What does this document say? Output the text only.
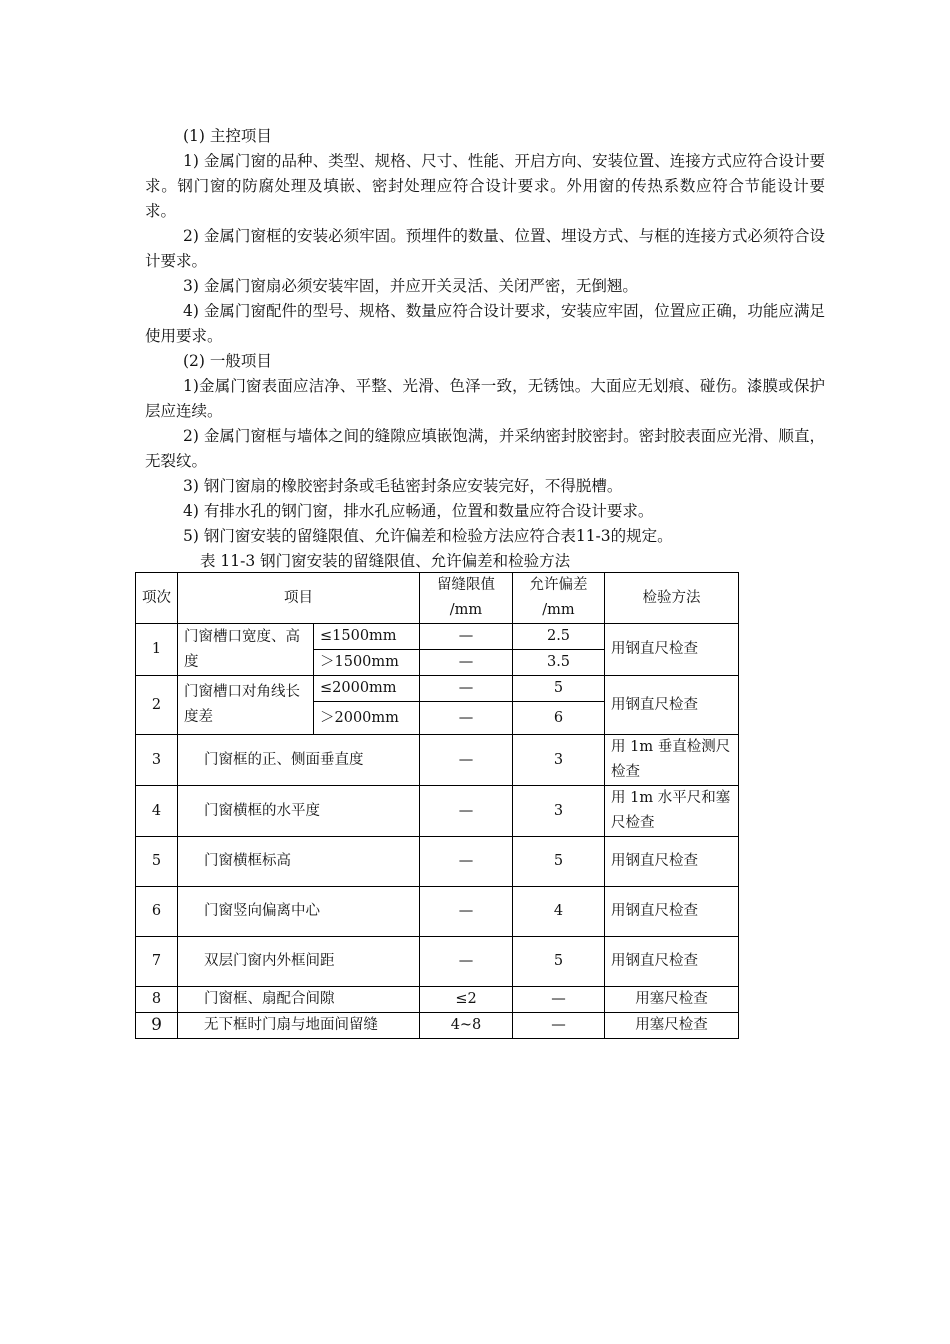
(1) 主控项目

1) 金属门窗的品种、类型、规格、尺寸、性能、开启方向、安装位置、连接方式应符合设计要求。钢门窗的防腐处理及填嵌、密封处理应符合设计要求。外用窗的传热系数应符合节能设计要求。

2) 金属门窗框的安装必须牢固。预埋件的数量、位置、埋设方式、与框的连接方式必须符合设计要求。

3) 金属门窗扇必须安装牢固，并应开关灵活、关闭严密，无倒翘。

4) 金属门窗配件的型号、规格、数量应符合设计要求，安装应牢固，位置应正确，功能应满足使用要求。

(2) 一般项目

1)金属门窗表面应洁净、平整、光滑、色泽一致，无锈蚀。大面应无划痕、碰伤。漆膜或保护层应连续。

2) 金属门窗框与墙体之间的缝隙应填嵌饱满，并采纳密封胶密封。密封胶表面应光滑、顺直，无裂纹。

3) 钢门窗扇的橡胶密封条或毛毡密封条应安装完好，不得脱槽。

4) 有排水孔的钢门窗，排水孔应畅通，位置和数量应符合设计要求。

5) 钢门窗安装的留缝限值、允许偏差和检验方法应符合表11-3的规定。

表 11-3 钢门窗安装的留缝限值、允许偏差和检验方法

项次	项目		留缝限值 /mm	允许偏差 /mm	检验方法
1	门窗槽口宽度、高度	≤1500mm	—	2.5	用钢直尺检查
		＞1500mm	—	3.5	
2	门窗槽口对角线长度差	≤2000mm	—	5	用钢直尺检查
		＞2000mm	—	6	
3	门窗框的正、侧面垂直度		—	3	用 1m 垂直检测尺检查
4	门窗横框的水平度		—	3	用 1m 水平尺和塞尺检查
5	门窗横框标高		—	5	用钢直尺检查
6	门窗竖向偏离中心		—	4	用钢直尺检查
7	双层门窗内外框间距		—	5	用钢直尺检查
8	门窗框、扇配合间隙		≤2	—	用塞尺检查
9	无下框时门扇与地面间留缝		4~8	—	用塞尺检查
